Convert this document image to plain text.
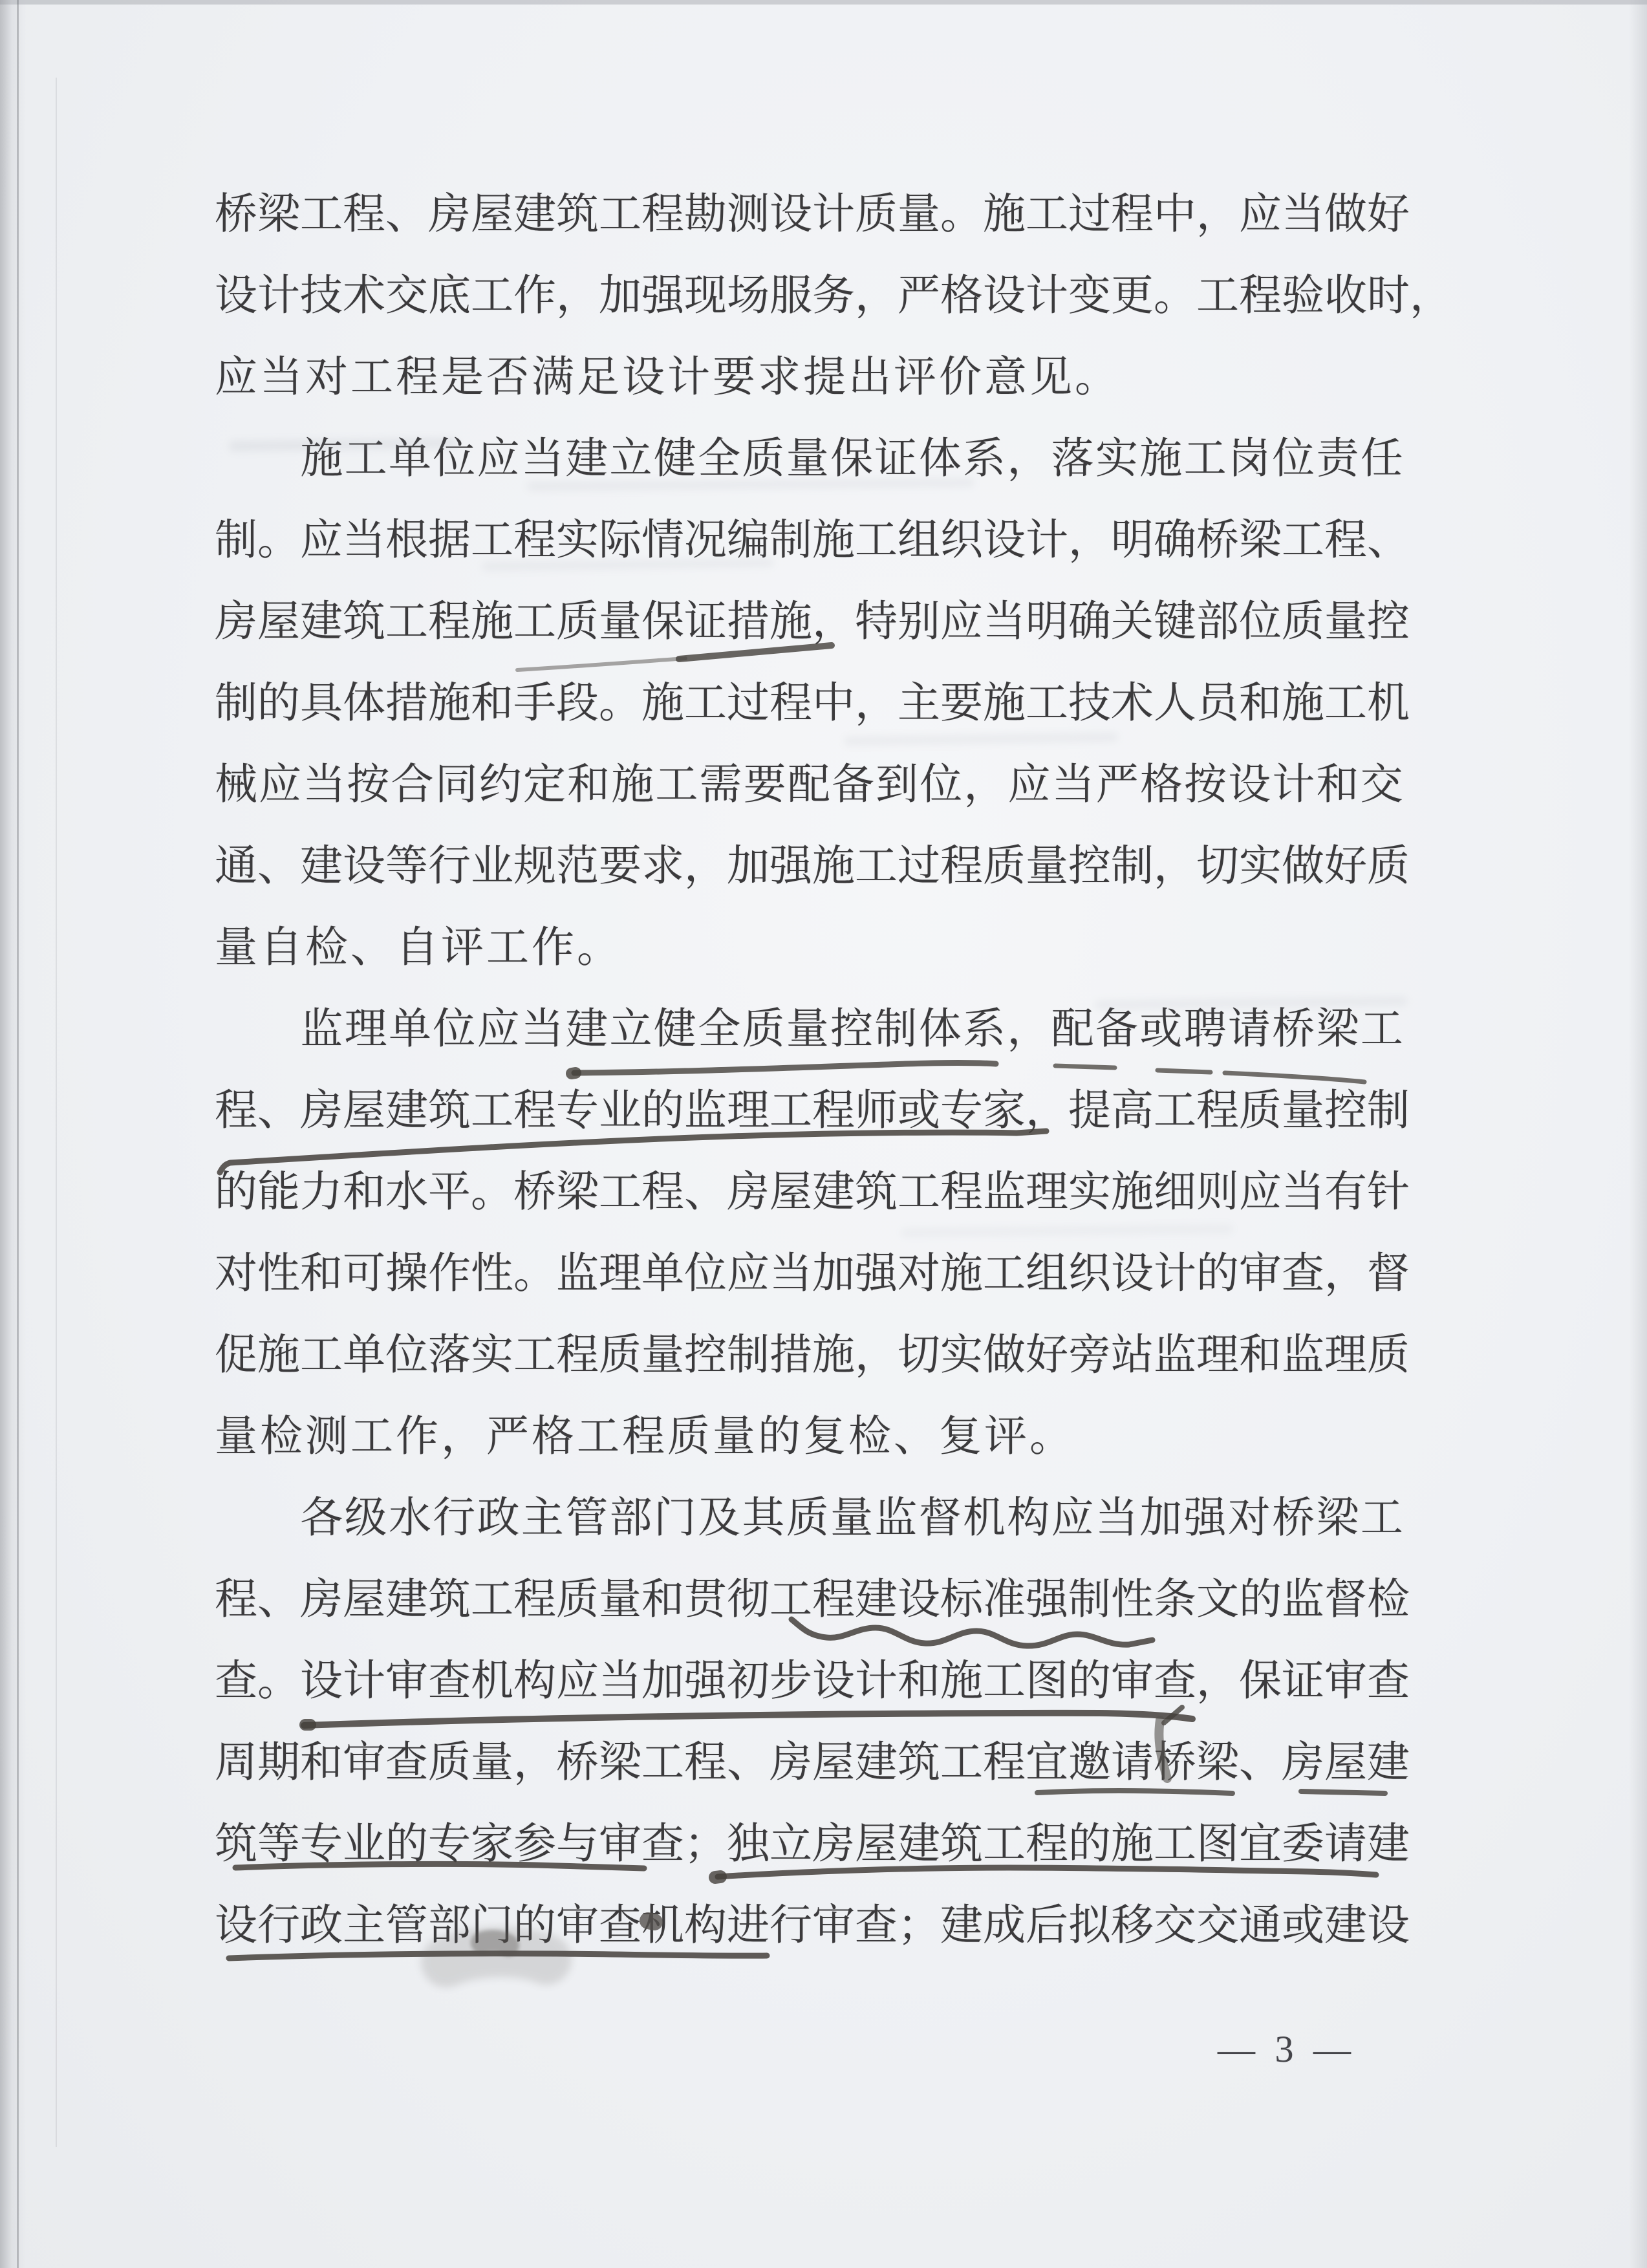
桥 梁 工 程 、 房 屋 建 筑 工 程 勘 测 设 计 质 量 。 施 工 过 程 中 ， 应 当 做 好
设 计 技 术 交 底 工 作 ， 加 强 现 场 服 务 ， 严 格 设 计 变 更 。 工 程 验 收 时 ，
应当对工程是否满足设计要求提出评价意见。
施 工 单 位 应 当 建 立 健 全 质 量 保 证 体 系 ， 落 实 施 工 岗 位 责 任
制 。 应 当 根 据 工 程 实 际 情 况 编 制 施 工 组 织 设 计 ， 明 确 桥 梁 工 程 、
房 屋 建 筑 工 程 施 工 质 量 保 证 措 施 ， 特 别 应 当 明 确 关 键 部 位 质 量 控
制 的 具 体 措 施 和 手 段 。 施 工 过 程 中 ， 主 要 施 工 技 术 人 员 和 施 工 机
械 应 当 按 合 同 约 定 和 施 工 需 要 配 备 到 位 ， 应 当 严 格 按 设 计 和 交
通 、 建 设 等 行 业 规 范 要 求 ， 加 强 施 工 过 程 质 量 控 制 ， 切 实 做 好 质
量自检、自评工作。
监 理 单 位 应 当 建 立 健 全 质 量 控 制 体 系 ， 配 备 或 聘 请 桥 梁 工
程 、 房 屋 建 筑 工 程 专 业 的 监 理 工 程 师 或 专 家 ， 提 高 工 程 质 量 控 制
的 能 力 和 水 平 。 桥 梁 工 程 、 房 屋 建 筑 工 程 监 理 实 施 细 则 应 当 有 针
对 性 和 可 操 作 性 。 监 理 单 位 应 当 加 强 对 施 工 组 织 设 计 的 审 查 ， 督
促 施 工 单 位 落 实 工 程 质 量 控 制 措 施 ， 切 实 做 好 旁 站 监 理 和 监 理 质
量检测工作，严格工程质量的复检、复评。
各 级 水 行 政 主 管 部 门 及 其 质 量 监 督 机 构 应 当 加 强 对 桥 梁 工
程 、 房 屋 建 筑 工 程 质 量 和 贯 彻 工 程 建 设 标 准 强 制 性 条 文 的 监 督 检
查 。 设 计 审 查 机 构 应 当 加 强 初 步 设 计 和 施 工 图 的 审 查 ， 保 证 审 查
周 期 和 审 查 质 量 ， 桥 梁 工 程 、 房 屋 建 筑 工 程 宜 邀 请 桥 梁 、 房 屋 建
筑 等 专 业 的 专 家 参 与 审 查 ； 独 立 房 屋 建 筑 工 程 的 施 工 图 宜 委 请 建
设 行 政 主 管 部 门 的 审 查 机 构 进 行 审 查 ； 建 成 后 拟 移 交 交 通 或 建 设
— 3 —
